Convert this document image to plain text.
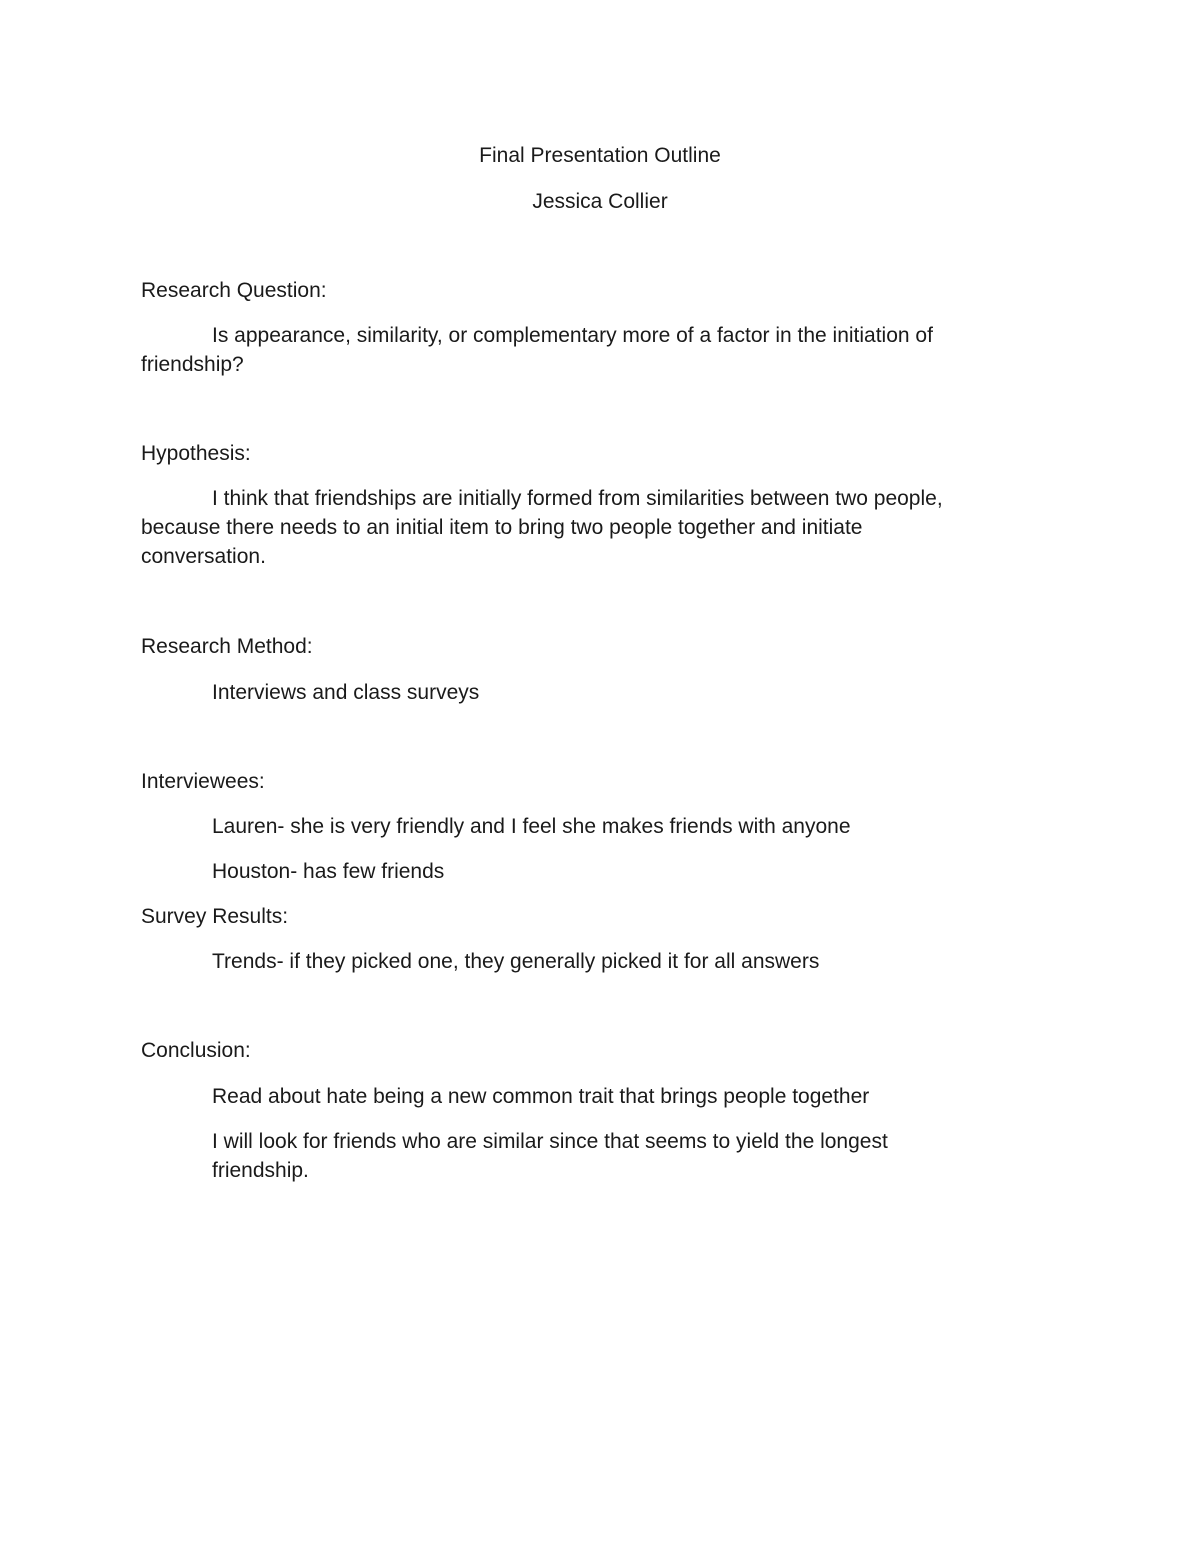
Final Presentation Outline

Jessica Collier

Research Question:

Is appearance, similarity, or complementary more of a factor in the initiation of

friendship?

Hypothesis:

I think that friendships are initially formed from similarities between two people,

because there needs to an initial item to bring two people together and initiate

conversation.

Research Method:

Interviews and class surveys

Interviewees:

Lauren- she is very friendly and I feel she makes friends with anyone

Houston- has few friends

Survey Results:

Trends- if they picked one, they generally picked it for all answers

Conclusion:

Read about hate being a new common trait that brings people together

I will look for friends who are similar since that seems to yield the longest

friendship.
